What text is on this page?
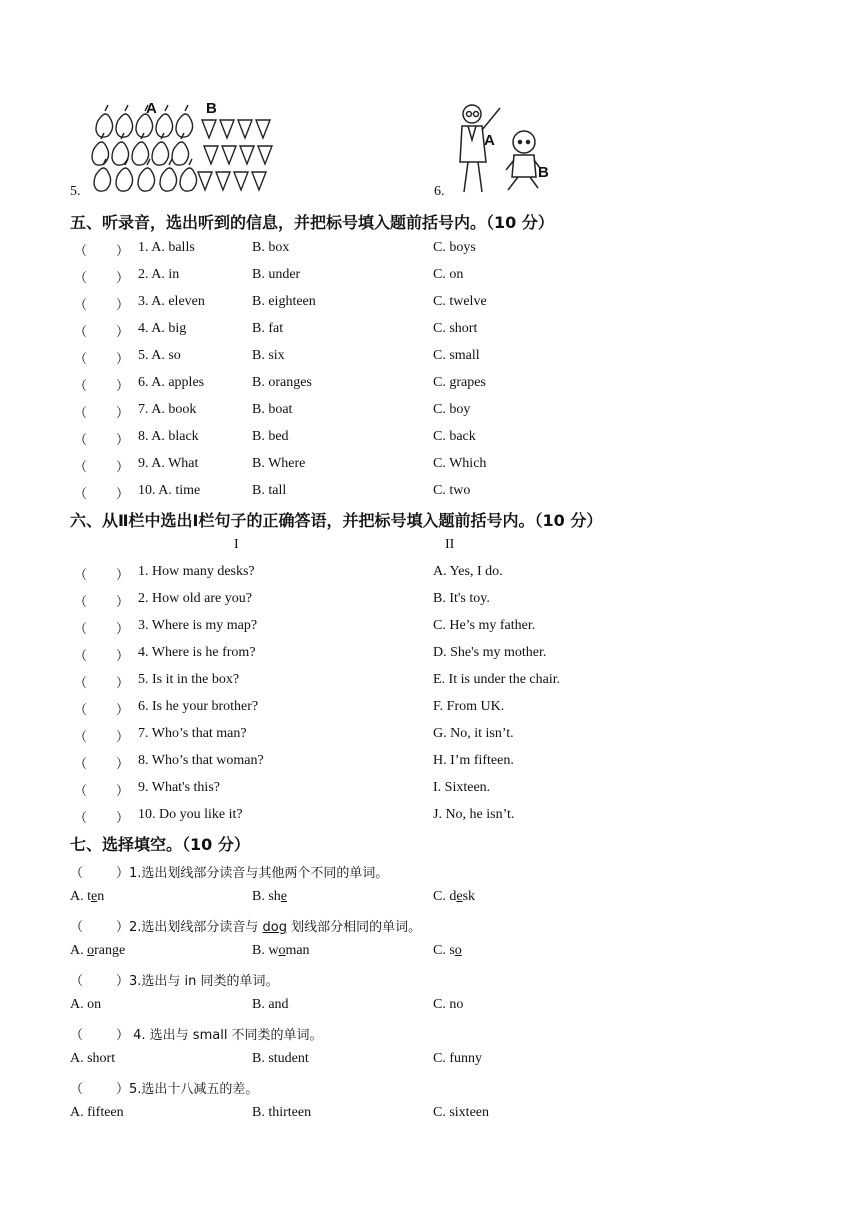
5.
A	B
6.
A
B
五、听录音，选出听到的信息，并把标号填入题前括号内。（10 分）
（ ） 1. A. balls	B. box	C. boys
（ ） 2. A. in	B. under	C. on
（ ） 3. A. eleven	B. eighteen	C. twelve
（ ） 4. A. big	B. fat	C. short
（ ） 5. A. so	B. six	C. small
（ ） 6. A. apples	B. oranges	C. grapes
（ ） 7. A. book	B. boat	C. boy
（ ） 8. A. black	B. bed	C. back
（ ） 9. A. What	B. Where	C. Which
（ ） 10. A. time	B. tall	C. two
六、从Ⅱ栏中选出Ⅰ栏句子的正确答语，并把标号填入题前括号内。（10 分）
I	II
（ ） 1. How many desks?	A. Yes, I do.
（ ） 2. How old are you?	B. It's toy.
（ ） 3. Where is my map?	C. He’s my father.
（ ） 4. Where is he from?	D. She's my mother.
（ ） 5. Is it in the box?	E. It is under the chair.
（ ） 6. Is he your brother?	F. From UK.
（ ） 7. Who’s that man?	G. No, it isn’t.
（ ） 8. Who’s that woman?	H. I’m fifteen.
（ ） 9. What's this?	I. Sixteen.
（ ） 10. Do you like it?	J. No, he isn’t.
七、选择填空。（10 分）
（	）1.选出划线部分读音与其他两个不同的单词。
A. ten	B. she	C. desk
（	）2.选出划线部分读音与 dog 划线部分相同的单词。
A. orange	B. woman	C. so
（	）3.选出与 in 同类的单词。
A. on	B. and	C. no
（	） 4. 选出与 small 不同类的单词。
A. short	B. student	C. funny
（	）5.选出十八减五的差。
A. fifteen	B. thirteen	C. sixteen
